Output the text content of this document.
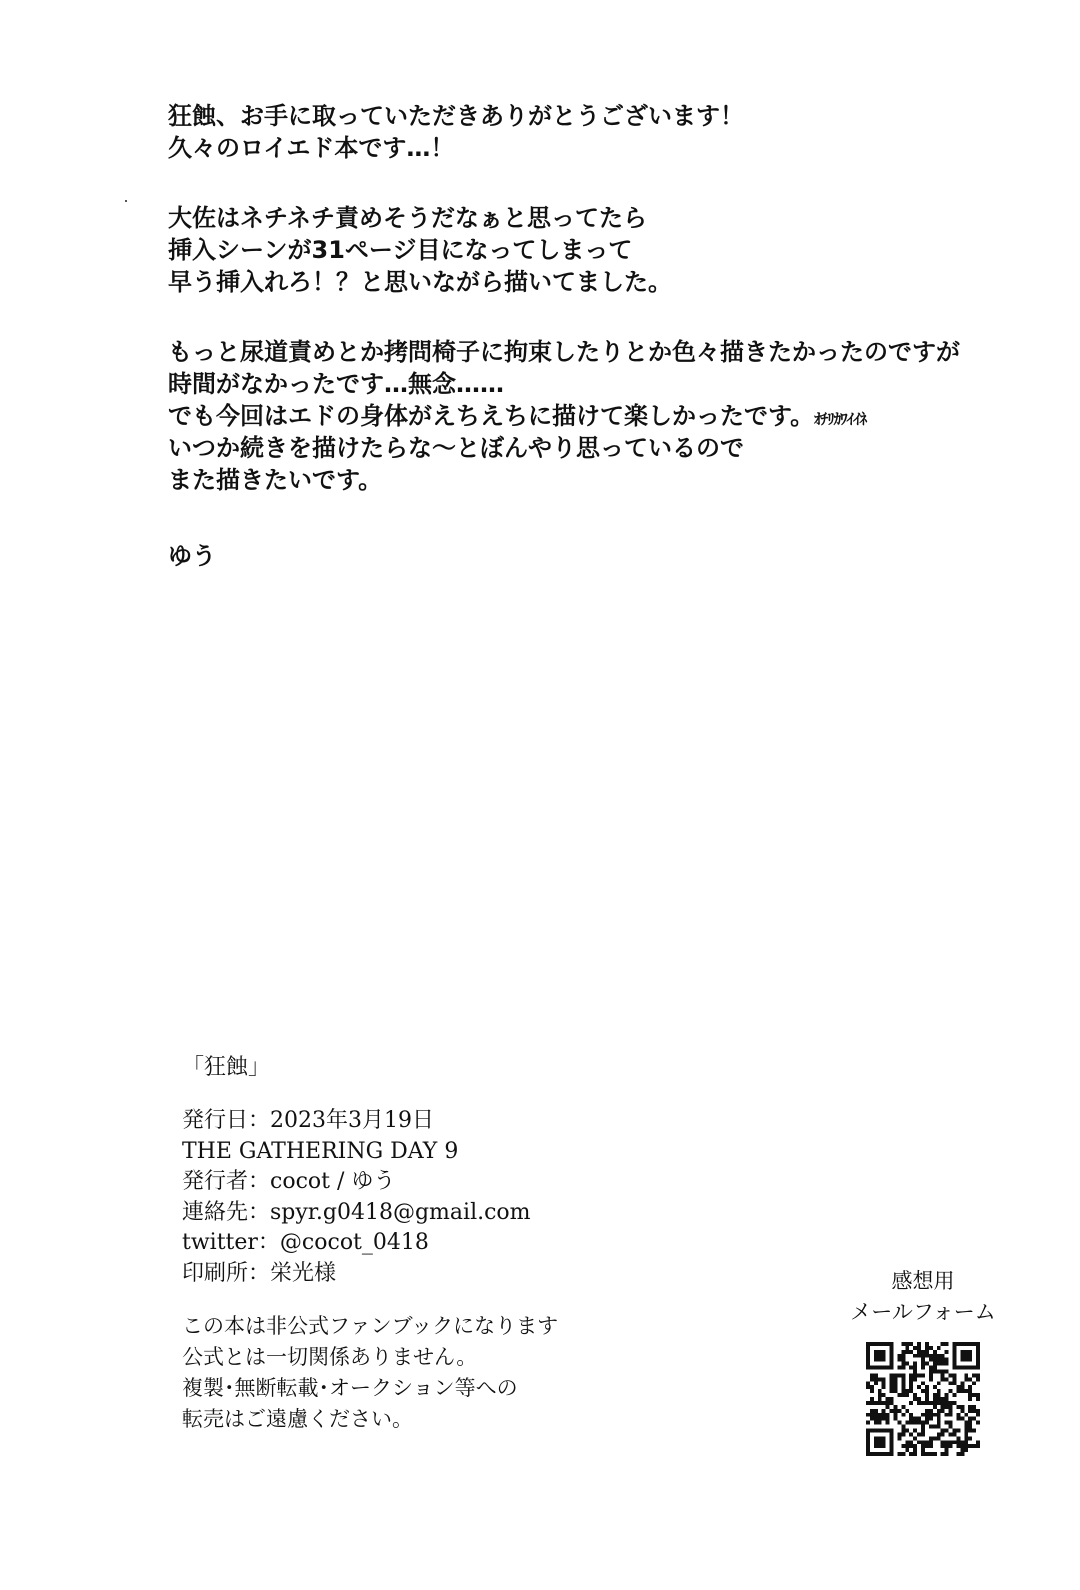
狂蝕、お手に取っていただきありがとうございます！
久々のロイエド本です…！
大佐はネチネチ責めそうだなぁと思ってたら
挿入シーンが31ページ目になってしまって
早う挿入れろ！？と思いながら描いてました。
もっと尿道責めとか拷問椅子に拘束したりとか色々描きたかったのですが
時間がなかったです…無念……
でも今回はエドの身体がえちえちに描けて楽しかったです。ｵﾁﾘｶﾜｲｲﾈ
いつか続きを描けたらな〜とぼんやり思っているので
また描きたいです。
ゆう
「狂蝕」
発行日：2023年3月19日
THE GATHERING DAY 9
発行者：cocot / ゆう
連絡先：spyr.g0418@gmail.com
twitter：@cocot_0418
印刷所：栄光様
この本は非公式ファンブックになります
公式とは一切関係ありません。
複製･無断転載･オークション等への
転売はご遠慮ください。
感想用
メールフォーム
